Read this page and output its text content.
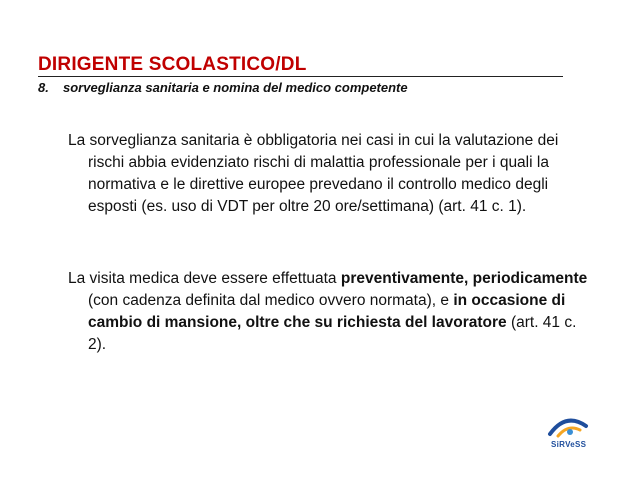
DIRIGENTE SCOLASTICO/DL

8. sorveglianza sanitaria e nomina del medico competente

La sorveglianza sanitaria è obbligatoria nei casi in cui la valutazione dei rischi abbia evidenziato rischi di malattia professionale per i quali la normativa e le direttive europee prevedano il controllo medico degli esposti (es. uso di VDT per oltre 20 ore/settimana) (art. 41 c. 1).

La visita medica deve essere effettuata preventivamente, periodicamente (con cadenza definita dal medico ovvero normata), e in occasione di cambio di mansione, oltre che su richiesta del lavoratore (art. 41 c. 2).

SiRVeSS
